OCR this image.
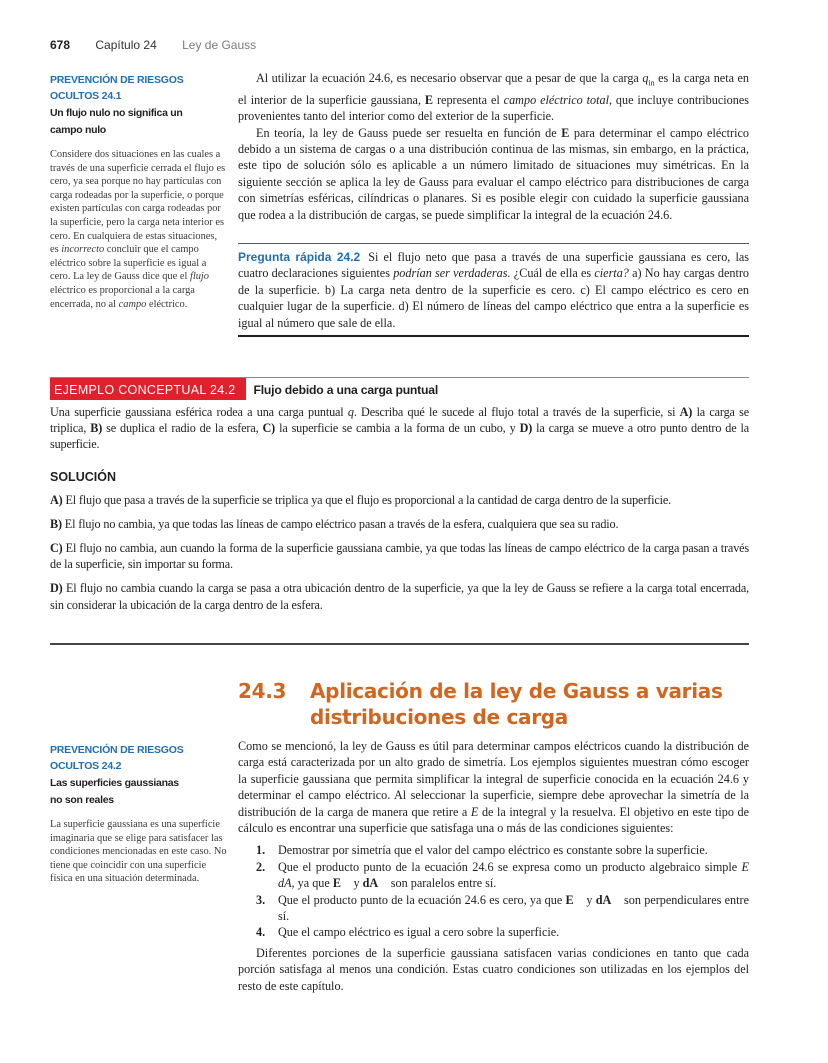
678 Capítulo 24 Ley de Gauss
PREVENCIÓN DE RIESGOS
OCULTOS 24.1
Un flujo nulo no significa un
campo nulo
Considere dos situaciones en las cuales a través de una superficie cerrada el flujo es cero, ya sea porque no hay partículas con carga rodeadas por la superficie, o porque existen partículas con carga rodeadas por la superficie, pero la carga neta interior es cero. En cualquiera de estas situaciones, es incorrecto concluir que el campo eléctrico sobre la superficie es igual a cero. La ley de Gauss dice que el flujo eléctrico es proporcional a la carga encerrada, no al campo eléctrico.

Al utilizar la ecuación 24.6, es necesario observar que a pesar de que la carga $q_{in}$ es la carga neta en el interior de la superficie gaussiana, E representa el campo eléctrico total, que incluye contribuciones provenientes tanto del interior como del exterior de la superficie.

En teoría, la ley de Gauss puede ser resuelta en función de E para determinar el campo eléctrico debido a un sistema de cargas o a una distribución continua de las mismas, sin embargo, en la práctica, este tipo de solución sólo es aplicable a un número limitado de situaciones muy simétricas. En la siguiente sección se aplica la ley de Gauss para evaluar el campo eléctrico para distribuciones de carga con simetrías esféricas, cilíndricas o planares. Si es posible elegir con cuidado la superficie gaussiana que rodea a la distribución de cargas, se puede simplificar la integral de la ecuación 24.6.

Pregunta rápida 24.2 Si el flujo neto que pasa a través de una superficie gaussiana es cero, las cuatro declaraciones siguientes podrían ser verdaderas. ¿Cuál de ella es cierta? a) No hay cargas dentro de la superficie. b) La carga neta dentro de la superficie es cero. c) El campo eléctrico es cero en cualquier lugar de la superficie. d) El número de líneas del campo eléctrico que entra a la superficie es igual al número que sale de ella.
EJEMPLO CONCEPTUAL 24.2	Flujo debido a una carga puntual
Una superficie gaussiana esférica rodea a una carga puntual q. Describa qué le sucede al flujo total a través de la superficie, si A) la carga se triplica, B) se duplica el radio de la esfera, C) la superficie se cambia a la forma de un cubo, y D) la carga se mueve a otro punto dentro de la superficie.
SOLUCIÓN
A) El flujo que pasa a través de la superficie se triplica ya que el flujo es proporcional a la cantidad de carga dentro de la superficie.
B) El flujo no cambia, ya que todas las líneas de campo eléctrico pasan a través de la esfera, cualquiera que sea su radio.
C) El flujo no cambia, aun cuando la forma de la superficie gaussiana cambie, ya que todas las líneas de campo eléctrico de la carga pasan a través de la superficie, sin importar su forma.
D) El flujo no cambia cuando la carga se pasa a otra ubicación dentro de la superficie, ya que la ley de Gauss se refiere a la carga total encerrada, sin considerar la ubicación de la carga dentro de la esfera.
24.3 Aplicación de la ley de Gauss a varias
distribuciones de carga
PREVENCIÓN DE RIESGOS
OCULTOS 24.2
Las superficies gaussianas
no son reales
La superficie gaussiana es una superficie imaginaria que se elige para satisfacer las condiciones mencionadas en este caso. No tiene que coincidir con una superficie física en una situación determinada.

Como se mencionó, la ley de Gauss es útil para determinar campos eléctricos cuando la distribución de carga está caracterizada por un alto grado de simetría. Los ejemplos siguientes muestran cómo escoger la superficie gaussiana que permita simplificar la integral de superficie conocida en la ecuación 24.6 y determinar el campo eléctrico. Al seleccionar la superficie, siempre debe aprovechar la simetría de la distribución de la carga de manera que retire a E de la integral y la resuelva. El objetivo en este tipo de cálculo es encontrar una superficie que satisfaga una o más de las condiciones siguientes:

1. Demostrar por simetría que el valor del campo eléctrico es constante sobre la superficie.
2. Que el producto punto de la ecuación 24.6 se expresa como un producto algebraico simple E dA, ya que E⃗ y dA⃗ son paralelos entre sí.
3. Que el producto punto de la ecuación 24.6 es cero, ya que E⃗ y dA⃗ son perpendiculares entre sí.
4. Que el campo eléctrico es igual a cero sobre la superficie.

Diferentes porciones de la superficie gaussiana satisfacen varias condiciones en tanto que cada porción satisfaga al menos una condición. Estas cuatro condiciones son utilizadas en los ejemplos del resto de este capítulo.
